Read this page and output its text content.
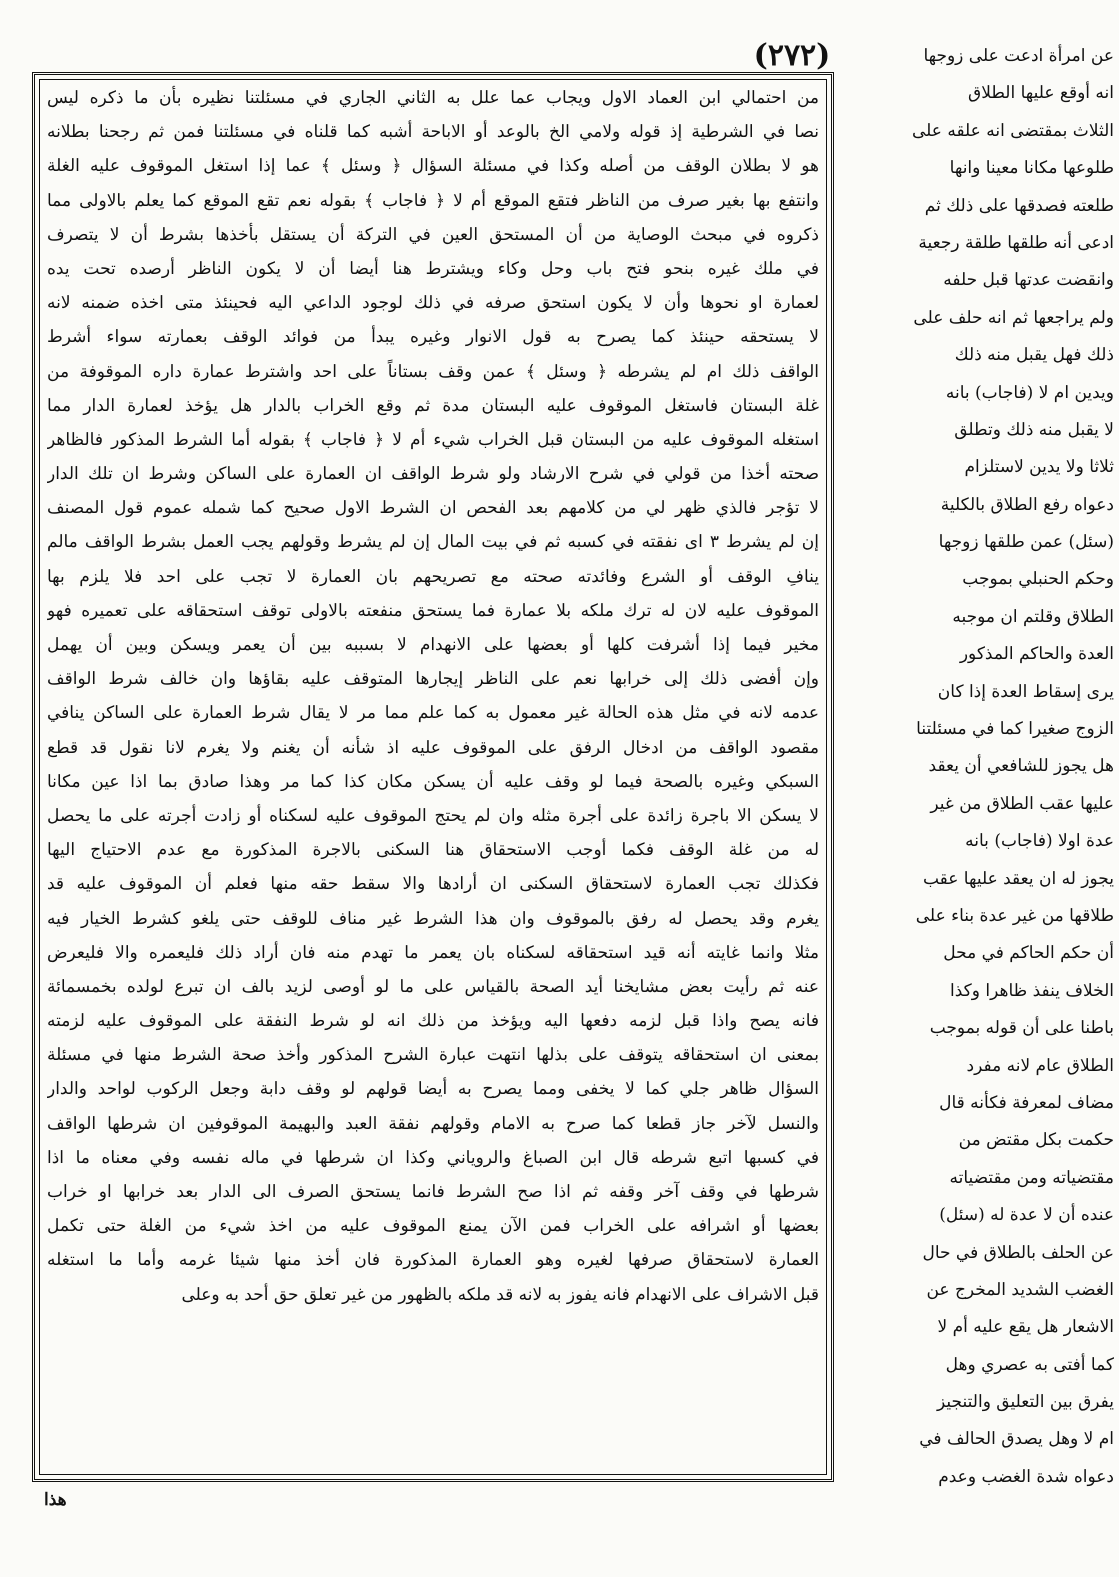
(٢٧٢)
من احتمالي ابن العماد الاول ويجاب عما علل به الثاني الجاري في مسئلتنا نظيره بأن ما ذكره ليس
نصا في الشرطية إذ قوله ولامي الخ بالوعد أو الاباحة أشبه كما قلناه في مسئلتنا فمن ثم رجحنا بطلانه
هو لا بطلان الوقف من أصله وكذا في مسئلة السؤال ﴿ وسئل ﴾ عما إذا استغل الموقوف عليه الغلة
وانتفع بها بغير صرف من الناظر فتقع الموقع أم لا ﴿ فاجاب ﴾ بقوله نعم تقع الموقع كما يعلم بالاولى مما
ذكروه في مبحث الوصاية من أن المستحق العين في التركة أن يستقل بأخذها بشرط أن لا يتصرف
في ملك غيره بنحو فتح باب وحل وكاء ويشترط هنا أيضا أن لا يكون الناظر أرصده تحت يده
لعمارة او نحوها وأن لا يكون استحق صرفه في ذلك لوجود الداعي اليه فحينئذ متى اخذه ضمنه لانه
لا يستحقه حينئذ كما يصرح به قول الانوار وغيره يبدأ من فوائد الوقف بعمارته سواء أشرط
الواقف ذلك ام لم يشرطه ﴿ وسئل ﴾ عمن وقف بستاناً على احد واشترط عمارة داره الموقوفة من
غلة البستان فاستغل الموقوف عليه البستان مدة ثم وقع الخراب بالدار هل يؤخذ لعمارة الدار مما
استغله الموقوف عليه من البستان قبل الخراب شيء أم لا ﴿ فاجاب ﴾ بقوله أما الشرط المذكور فالظاهر
صحته أخذا من قولي في شرح الارشاد ولو شرط الواقف ان العمارة على الساكن وشرط ان تلك الدار
لا تؤجر فالذي ظهر لي من كلامهم بعد الفحص ان الشرط الاول صحيح كما شمله عموم قول المصنف
إن لم يشرط ٣ اى نفقته في كسبه ثم في بيت المال إن لم يشرط وقولهم يجب العمل بشرط الواقف مالم
ينافِ الوقف أو الشرع وفائدته صحته مع تصريحهم بان العمارة لا تجب على احد فلا يلزم بها
الموقوف عليه لان له ترك ملكه بلا عمارة فما يستحق منفعته بالاولى توقف استحقاقه على تعميره فهو
مخير فيما إذا أشرفت كلها أو بعضها على الانهدام لا بسببه بين أن يعمر ويسكن وبين أن يهمل
وإن أفضى ذلك إلى خرابها نعم على الناظر إيجارها المتوقف عليه بقاؤها وان خالف شرط الواقف
عدمه لانه في مثل هذه الحالة غير معمول به كما علم مما مر لا يقال شرط العمارة على الساكن ينافي
مقصود الواقف من ادخال الرفق على الموقوف عليه اذ شأنه أن يغنم ولا يغرم لانا نقول قد قطع
السبكي وغيره بالصحة فيما لو وقف عليه أن يسكن مكان كذا كما مر وهذا صادق بما اذا عين مكانا
لا يسكن الا باجرة زائدة على أجرة مثله وان لم يحتج الموقوف عليه لسكناه أو زادت أجرته على ما يحصل
له من غلة الوقف فكما أوجب الاستحقاق هنا السكنى بالاجرة المذكورة مع عدم الاحتياج اليها
فكذلك تجب العمارة لاستحقاق السكنى ان أرادها والا سقط حقه منها فعلم أن الموقوف عليه قد
يغرم وقد يحصل له رفق بالموقوف وان هذا الشرط غير مناف للوقف حتى يلغو كشرط الخيار فيه
مثلا وانما غايته أنه قيد استحقاقه لسكناه بان يعمر ما تهدم منه فان أراد ذلك فليعمره والا فليعرض
عنه ثم رأيت بعض مشايخنا أيد الصحة بالقياس على ما لو أوصى لزيد بالف ان تبرع لولده بخمسمائة
فانه يصح واذا قبل لزمه دفعها اليه ويؤخذ من ذلك انه لو شرط النفقة على الموقوف عليه لزمته
بمعنى ان استحقاقه يتوقف على بذلها انتهت عبارة الشرح المذكور وأخذ صحة الشرط منها في مسئلة
السؤال ظاهر جلي كما لا يخفى ومما يصرح به أيضا قولهم لو وقف دابة وجعل الركوب لواحد والدار
والنسل لآخر جاز قطعا كما صرح به الامام وقولهم نفقة العبد والبهيمة الموقوفين ان شرطها الواقف
في كسبها اتبع شرطه قال ابن الصباغ والروياني وكذا ان شرطها في ماله نفسه وفي معناه ما اذا
شرطها في وقف آخر وقفه ثم اذا صح الشرط فانما يستحق الصرف الى الدار بعد خرابها او خراب
بعضها أو اشرافه على الخراب فمن الآن يمنع الموقوف عليه من اخذ شيء من الغلة حتى تكمل
العمارة لاستحقاق صرفها لغيره وهو العمارة المذكورة فان أخذ منها شيئا غرمه وأما ما استغله
قبل الاشراف على الانهدام فانه يفوز به لانه قد ملكه بالظهور من غير تعلق حق أحد به وعلى
عن امرأة ادعت على زوجها
انه أوقع عليها الطلاق
الثلاث بمقتضى انه علقه على
طلوعها مكانا معينا وانها
طلعته فصدقها على ذلك ثم
ادعى أنه طلقها طلقة رجعية
وانقضت عدتها قبل حلفه
ولم يراجعها ثم انه حلف على
ذلك فهل يقبل منه ذلك
ويدين ام لا (فاجاب) بانه
لا يقبل منه ذلك وتطلق
ثلاثا ولا يدين لاستلزام
دعواه رفع الطلاق بالكلية
(سئل) عمن طلقها زوجها
وحكم الحنبلي بموجب
الطلاق وقلتم ان موجبه
العدة والحاكم المذكور
يرى إسقاط العدة إذا كان
الزوج صغيرا كما في مسئلتنا
هل يجوز للشافعي أن يعقد
عليها عقب الطلاق من غير
عدة اولا (فاجاب) بانه
يجوز له ان يعقد عليها عقب
طلاقها من غير عدة بناء على
أن حكم الحاكم في محل
الخلاف ينفذ ظاهرا وكذا
باطنا على أن قوله بموجب
الطلاق عام لانه مفرد
مضاف لمعرفة فكأنه قال
حكمت بكل مقتض من
مقتضياته ومن مقتضياته
عنده أن لا عدة له (سئل)
عن الحلف بالطلاق في حال
الغضب الشديد المخرج عن
الاشعار هل يقع عليه أم لا
كما أفتى به عصري وهل
يفرق بين التعليق والتنجيز
ام لا وهل يصدق الحالف في
دعواه شدة الغضب وعدم
هذا
